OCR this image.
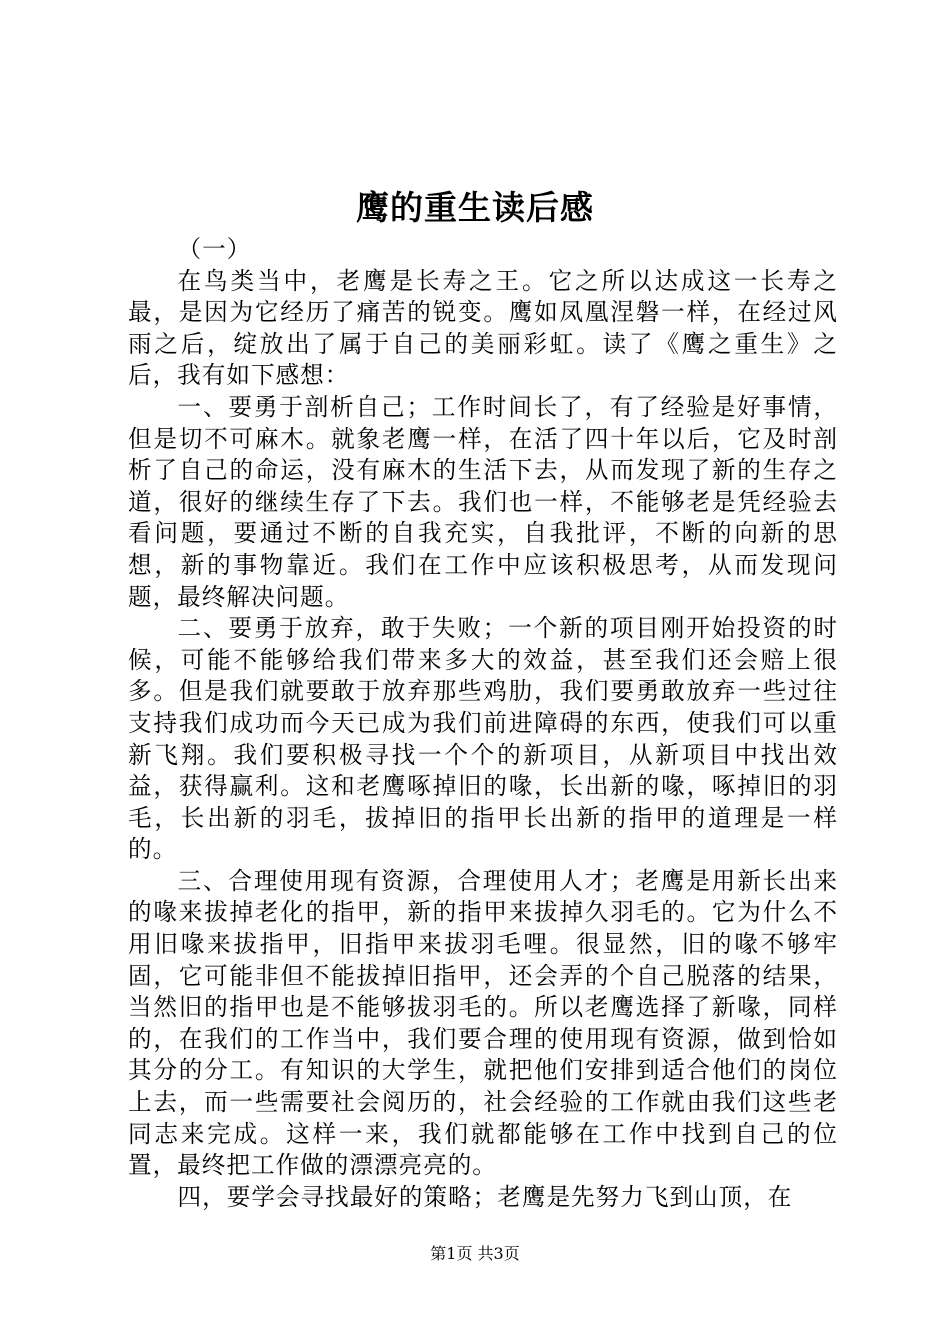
鹰的重生读后感

（一）

在鸟类当中，老鹰是长寿之王。它之所以达成这一长寿之最，是因为它经历了痛苦的锐变。鹰如凤凰涅磐一样，在经过风雨之后，绽放出了属于自己的美丽彩虹。读了《鹰之重生》之后，我有如下感想：

一、要勇于剖析自己；工作时间长了，有了经验是好事情，但是切不可麻木。就象老鹰一样，在活了四十年以后，它及时剖析了自己的命运，没有麻木的生活下去，从而发现了新的生存之道，很好的继续生存了下去。我们也一样，不能够老是凭经验去看问题，要通过不断的自我充实，自我批评，不断的向新的思想，新的事物靠近。我们在工作中应该积极思考，从而发现问题，最终解决问题。

二、要勇于放弃，敢于失败；一个新的项目刚开始投资的时候，可能不能够给我们带来多大的效益，甚至我们还会赔上很多。但是我们就要敢于放弃那些鸡肋，我们要勇敢放弃一些过往支持我们成功而今天已成为我们前进障碍的东西，使我们可以重新飞翔。我们要积极寻找一个个的新项目，从新项目中找出效益，获得赢利。这和老鹰啄掉旧的喙，长出新的喙，啄掉旧的羽毛，长出新的羽毛，拔掉旧的指甲长出新的指甲的道理是一样的。

三、合理使用现有资源，合理使用人才；老鹰是用新长出来的喙来拔掉老化的指甲，新的指甲来拔掉久羽毛的。它为什么不用旧喙来拔指甲，旧指甲来拔羽毛哩。很显然，旧的喙不够牢固，它可能非但不能拔掉旧指甲，还会弄的个自己脱落的结果，当然旧的指甲也是不能够拔羽毛的。所以老鹰选择了新喙，同样的，在我们的工作当中，我们要合理的使用现有资源，做到恰如其分的分工。有知识的大学生，就把他们安排到适合他们的岗位上去，而一些需要社会阅历的，社会经验的工作就由我们这些老同志来完成。这样一来，我们就都能够在工作中找到自己的位置，最终把工作做的漂漂亮亮的。

四，要学会寻找最好的策略；老鹰是先努力飞到山顶，在

第1页 共3页
